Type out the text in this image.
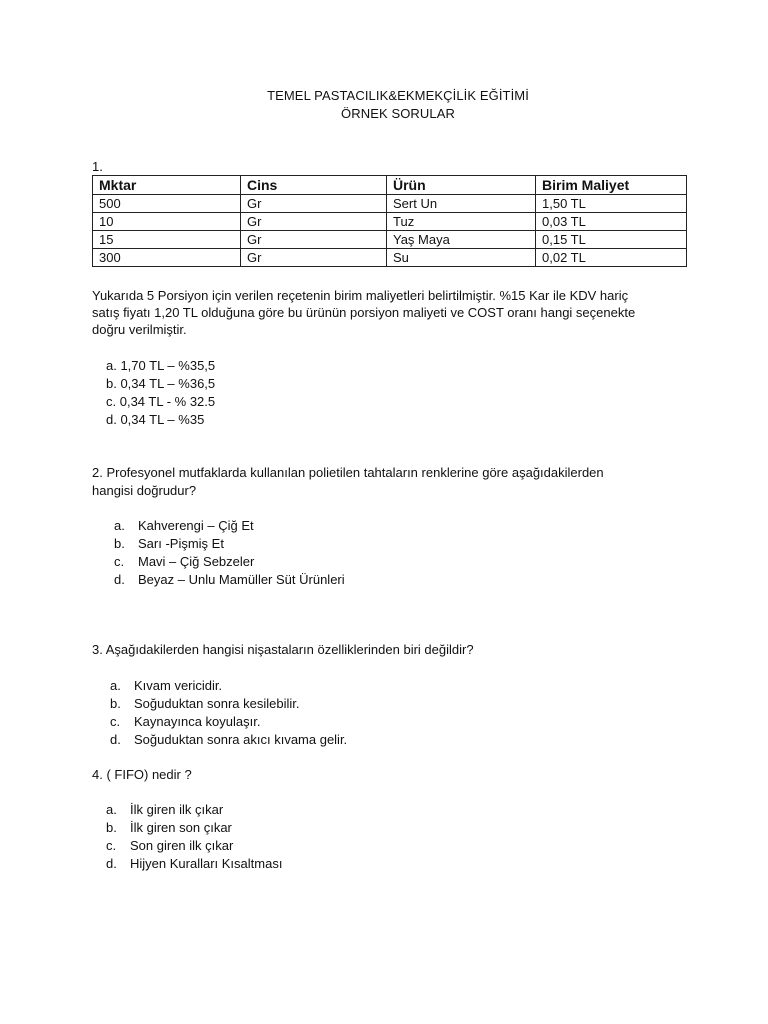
TEMEL PASTACILIK&EKMEKÇİLİK EĞİTİMİ
ÖRNEK SORULAR
1.
Mktar	Cins	Ürün	Birim Maliyet
500	Gr	Sert Un	1,50 TL
10	Gr	Tuz	0,03 TL
15	Gr	Yaş Maya	0,15 TL
300	Gr	Su	0,02 TL
Yukarıda 5 Porsiyon için verilen reçetenin birim maliyetleri belirtilmiştir. %15 Kar ile KDV hariç
satış fiyatı 1,20 TL olduğuna göre bu ürünün porsiyon maliyeti ve COST oranı hangi seçenekte
doğru verilmiştir.
a. 1,70 TL – %35,5
b. 0,34 TL – %36,5
c. 0,34 TL - % 32.5
d. 0,34 TL – %35
2. Profesyonel mutfaklarda kullanılan polietilen tahtaların renklerine göre aşağıdakilerden
hangisi doğrudur?
a. Kahverengi – Çiğ Et
b. Sarı -Pişmiş Et
c. Mavi – Çiğ Sebzeler
d. Beyaz – Unlu Mamüller Süt Ürünleri
3. Aşağıdakilerden hangisi nişastaların özelliklerinden biri değildir?
a. Kıvam vericidir.
b. Soğuduktan sonra kesilebilir.
c. Kaynayınca koyulaşır.
d. Soğuduktan sonra akıcı kıvama gelir.
4. ( FIFO) nedir ?
a. İlk giren ilk çıkar
b. İlk giren son çıkar
c. Son giren ilk çıkar
d. Hijyen Kuralları Kısaltması
